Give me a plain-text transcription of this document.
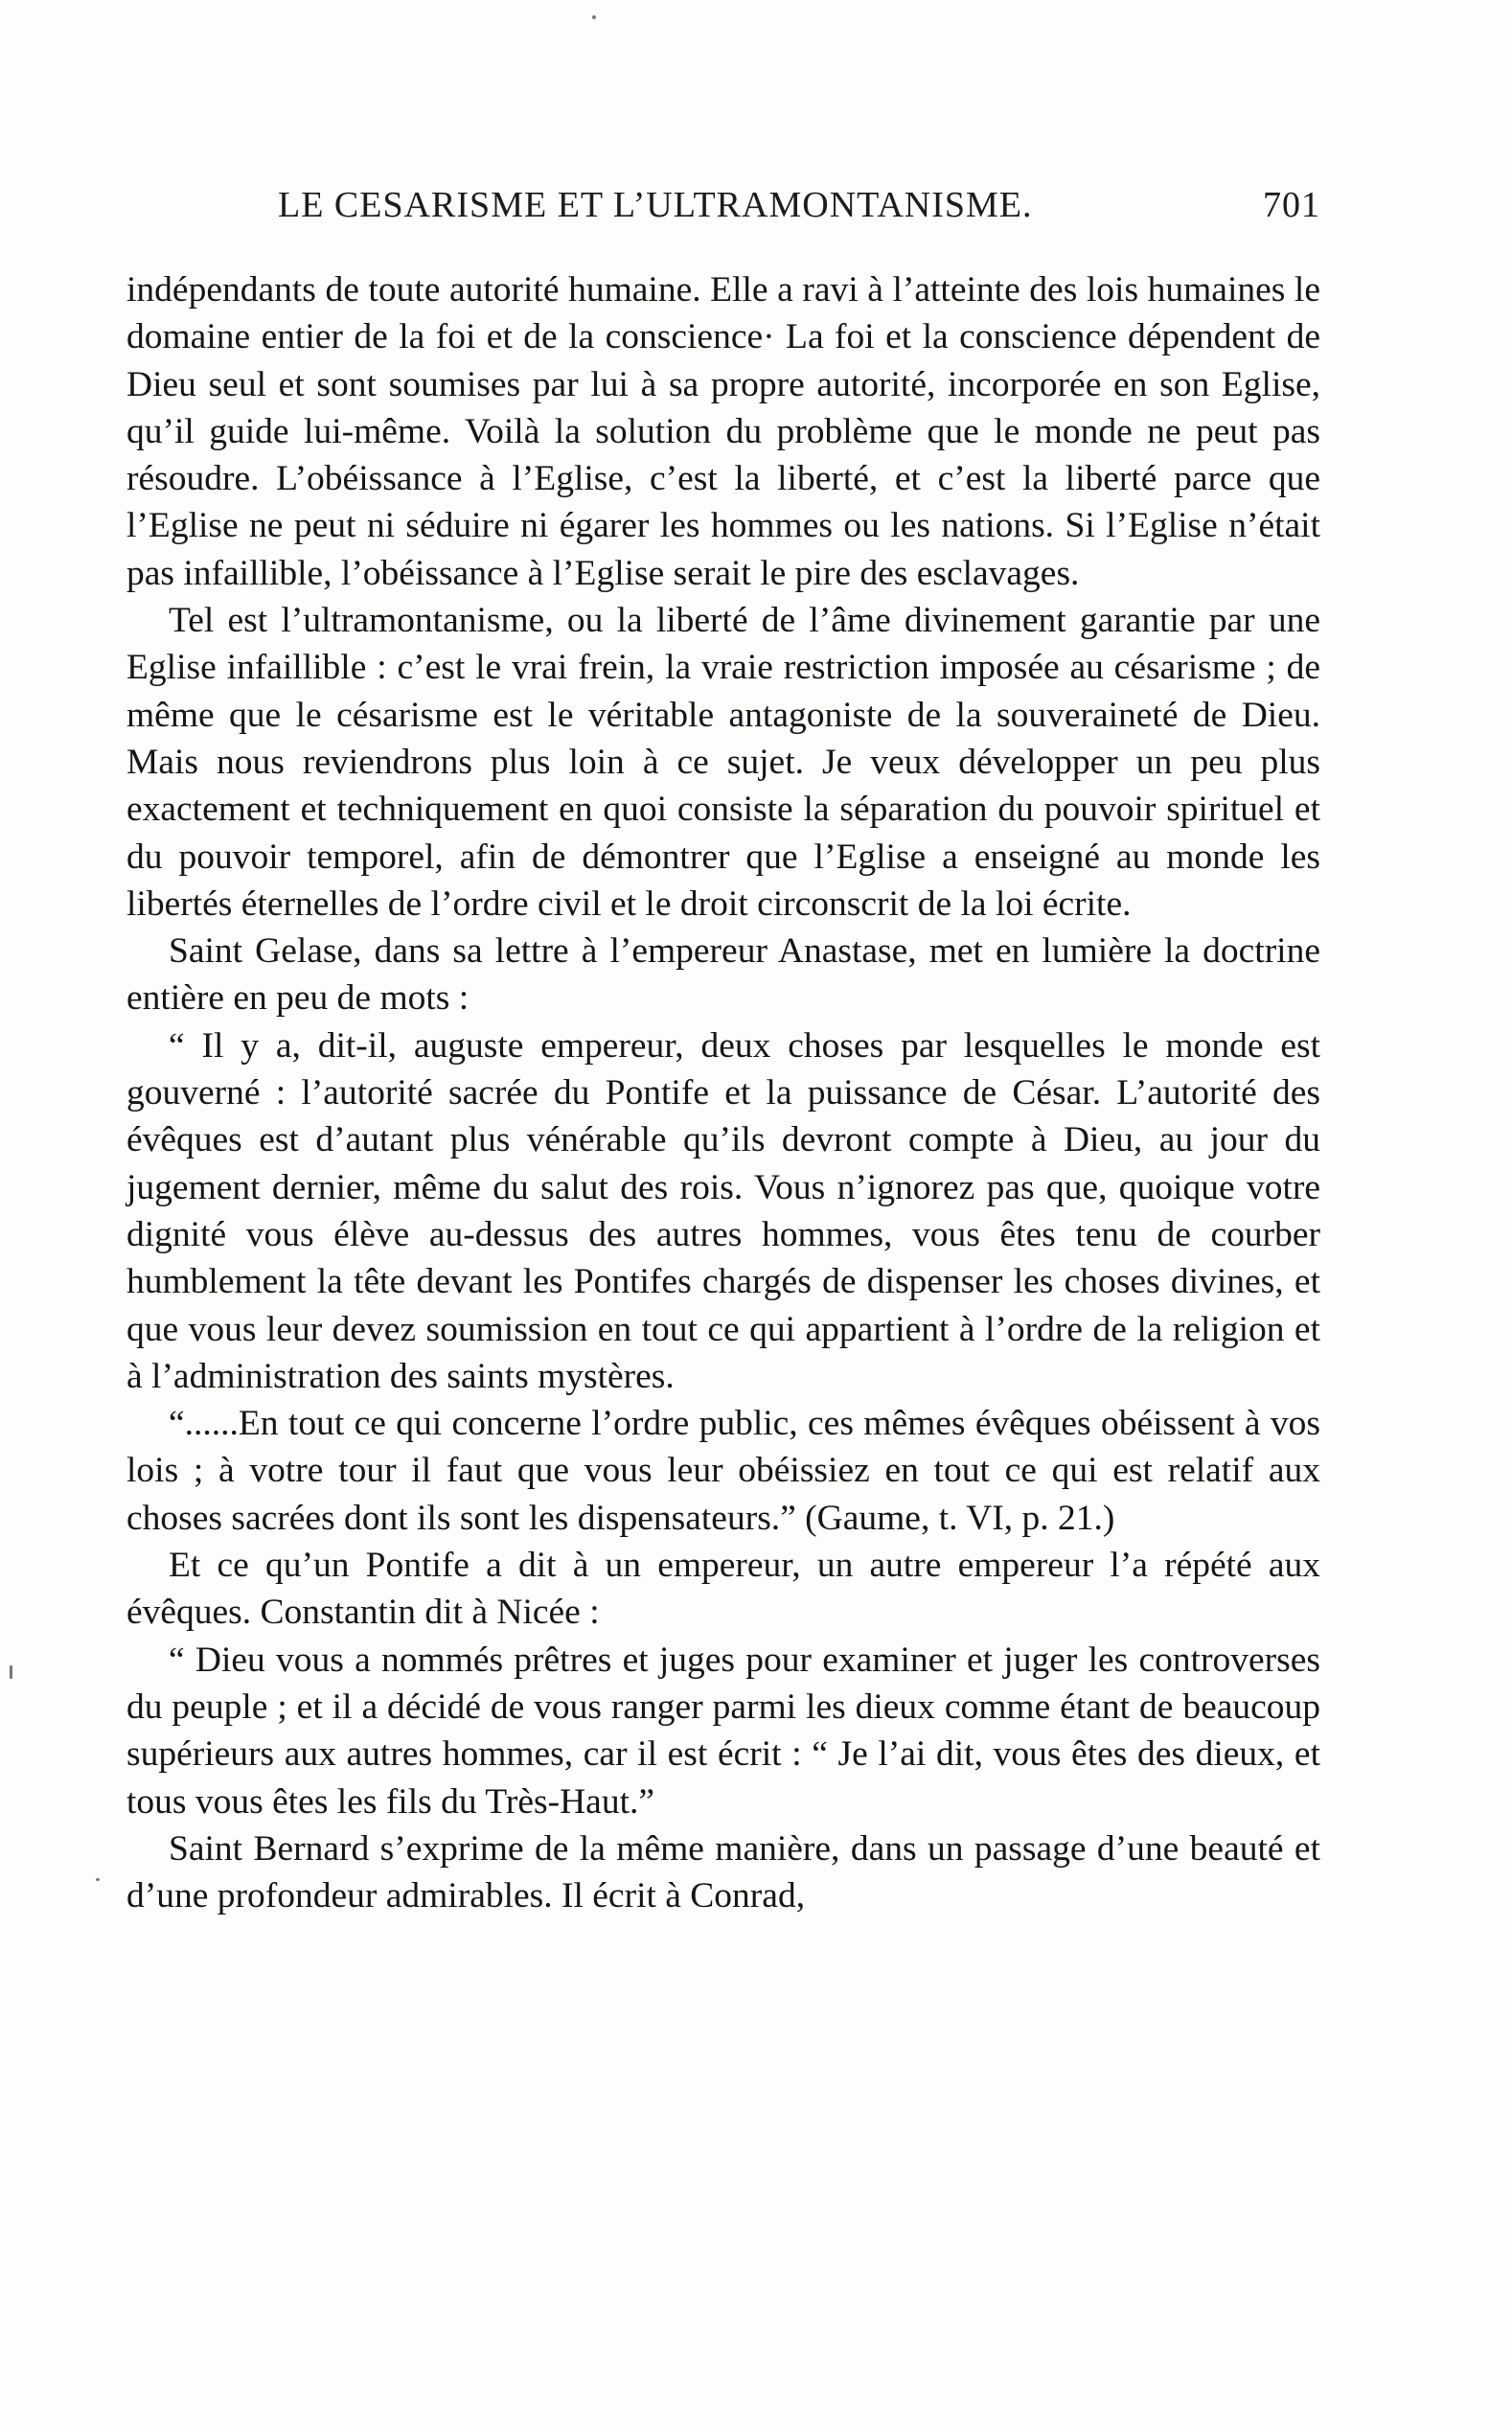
LE CESARISME ET L’ULTRAMONTANISME.	701

indépendants de toute autorité humaine. Elle a ravi à l’atteinte des lois humaines le domaine entier de la foi et de la conscience· La foi et la conscience dépendent de Dieu seul et sont soumises par lui à sa propre autorité, incorporée en son Eglise, qu’il guide lui-même. Voilà la solution du problème que le monde ne peut pas résoudre. L’obéissance à l’Eglise, c’est la liberté, et c’est la liberté parce que l’Eglise ne peut ni séduire ni égarer les hommes ou les nations. Si l’Eglise n’était pas infaillible, l’obéissance à l’Eglise serait le pire des esclavages.

Tel est l’ultramontanisme, ou la liberté de l’âme divinement garantie par une Eglise infaillible : c’est le vrai frein, la vraie restriction imposée au césarisme ; de même que le césarisme est le véritable antagoniste de la souveraineté de Dieu. Mais nous reviendrons plus loin à ce sujet. Je veux développer un peu plus exactement et techniquement en quoi consiste la séparation du pouvoir spirituel et du pouvoir temporel, afin de démontrer que l’Eglise a enseigné au monde les libertés éternelles de l’ordre civil et le droit circonscrit de la loi écrite.

Saint Gelase, dans sa lettre à l’empereur Anastase, met en lumière la doctrine entière en peu de mots :

“ Il y a, dit-il, auguste empereur, deux choses par lesquelles le monde est gouverné : l’autorité sacrée du Pontife et la puissance de César. L’autorité des évêques est d’autant plus vénérable qu’ils devront compte à Dieu, au jour du jugement dernier, même du salut des rois. Vous n’ignorez pas que, quoique votre dignité vous élève au-dessus des autres hommes, vous êtes tenu de courber humblement la tête devant les Pontifes chargés de dispenser les choses divines, et que vous leur devez soumission en tout ce qui appartient à l’ordre de la religion et à l’administration des saints mystères.

“......En tout ce qui concerne l’ordre public, ces mêmes évêques obéissent à vos lois ; à votre tour il faut que vous leur obéissiez en tout ce qui est relatif aux choses sacrées dont ils sont les dispensateurs.” (Gaume, t. VI, p. 21.)

Et ce qu’un Pontife a dit à un empereur, un autre empereur l’a répété aux évêques. Constantin dit à Nicée :

“ Dieu vous a nommés prêtres et juges pour examiner et juger les controverses du peuple ; et il a décidé de vous ranger parmi les dieux comme étant de beaucoup supérieurs aux autres hommes, car il est écrit : “ Je l’ai dit, vous êtes des dieux, et tous vous êtes les fils du Très-Haut.”

Saint Bernard s’exprime de la même manière, dans un passage d’une beauté et d’une profondeur admirables. Il écrit à Conrad,
